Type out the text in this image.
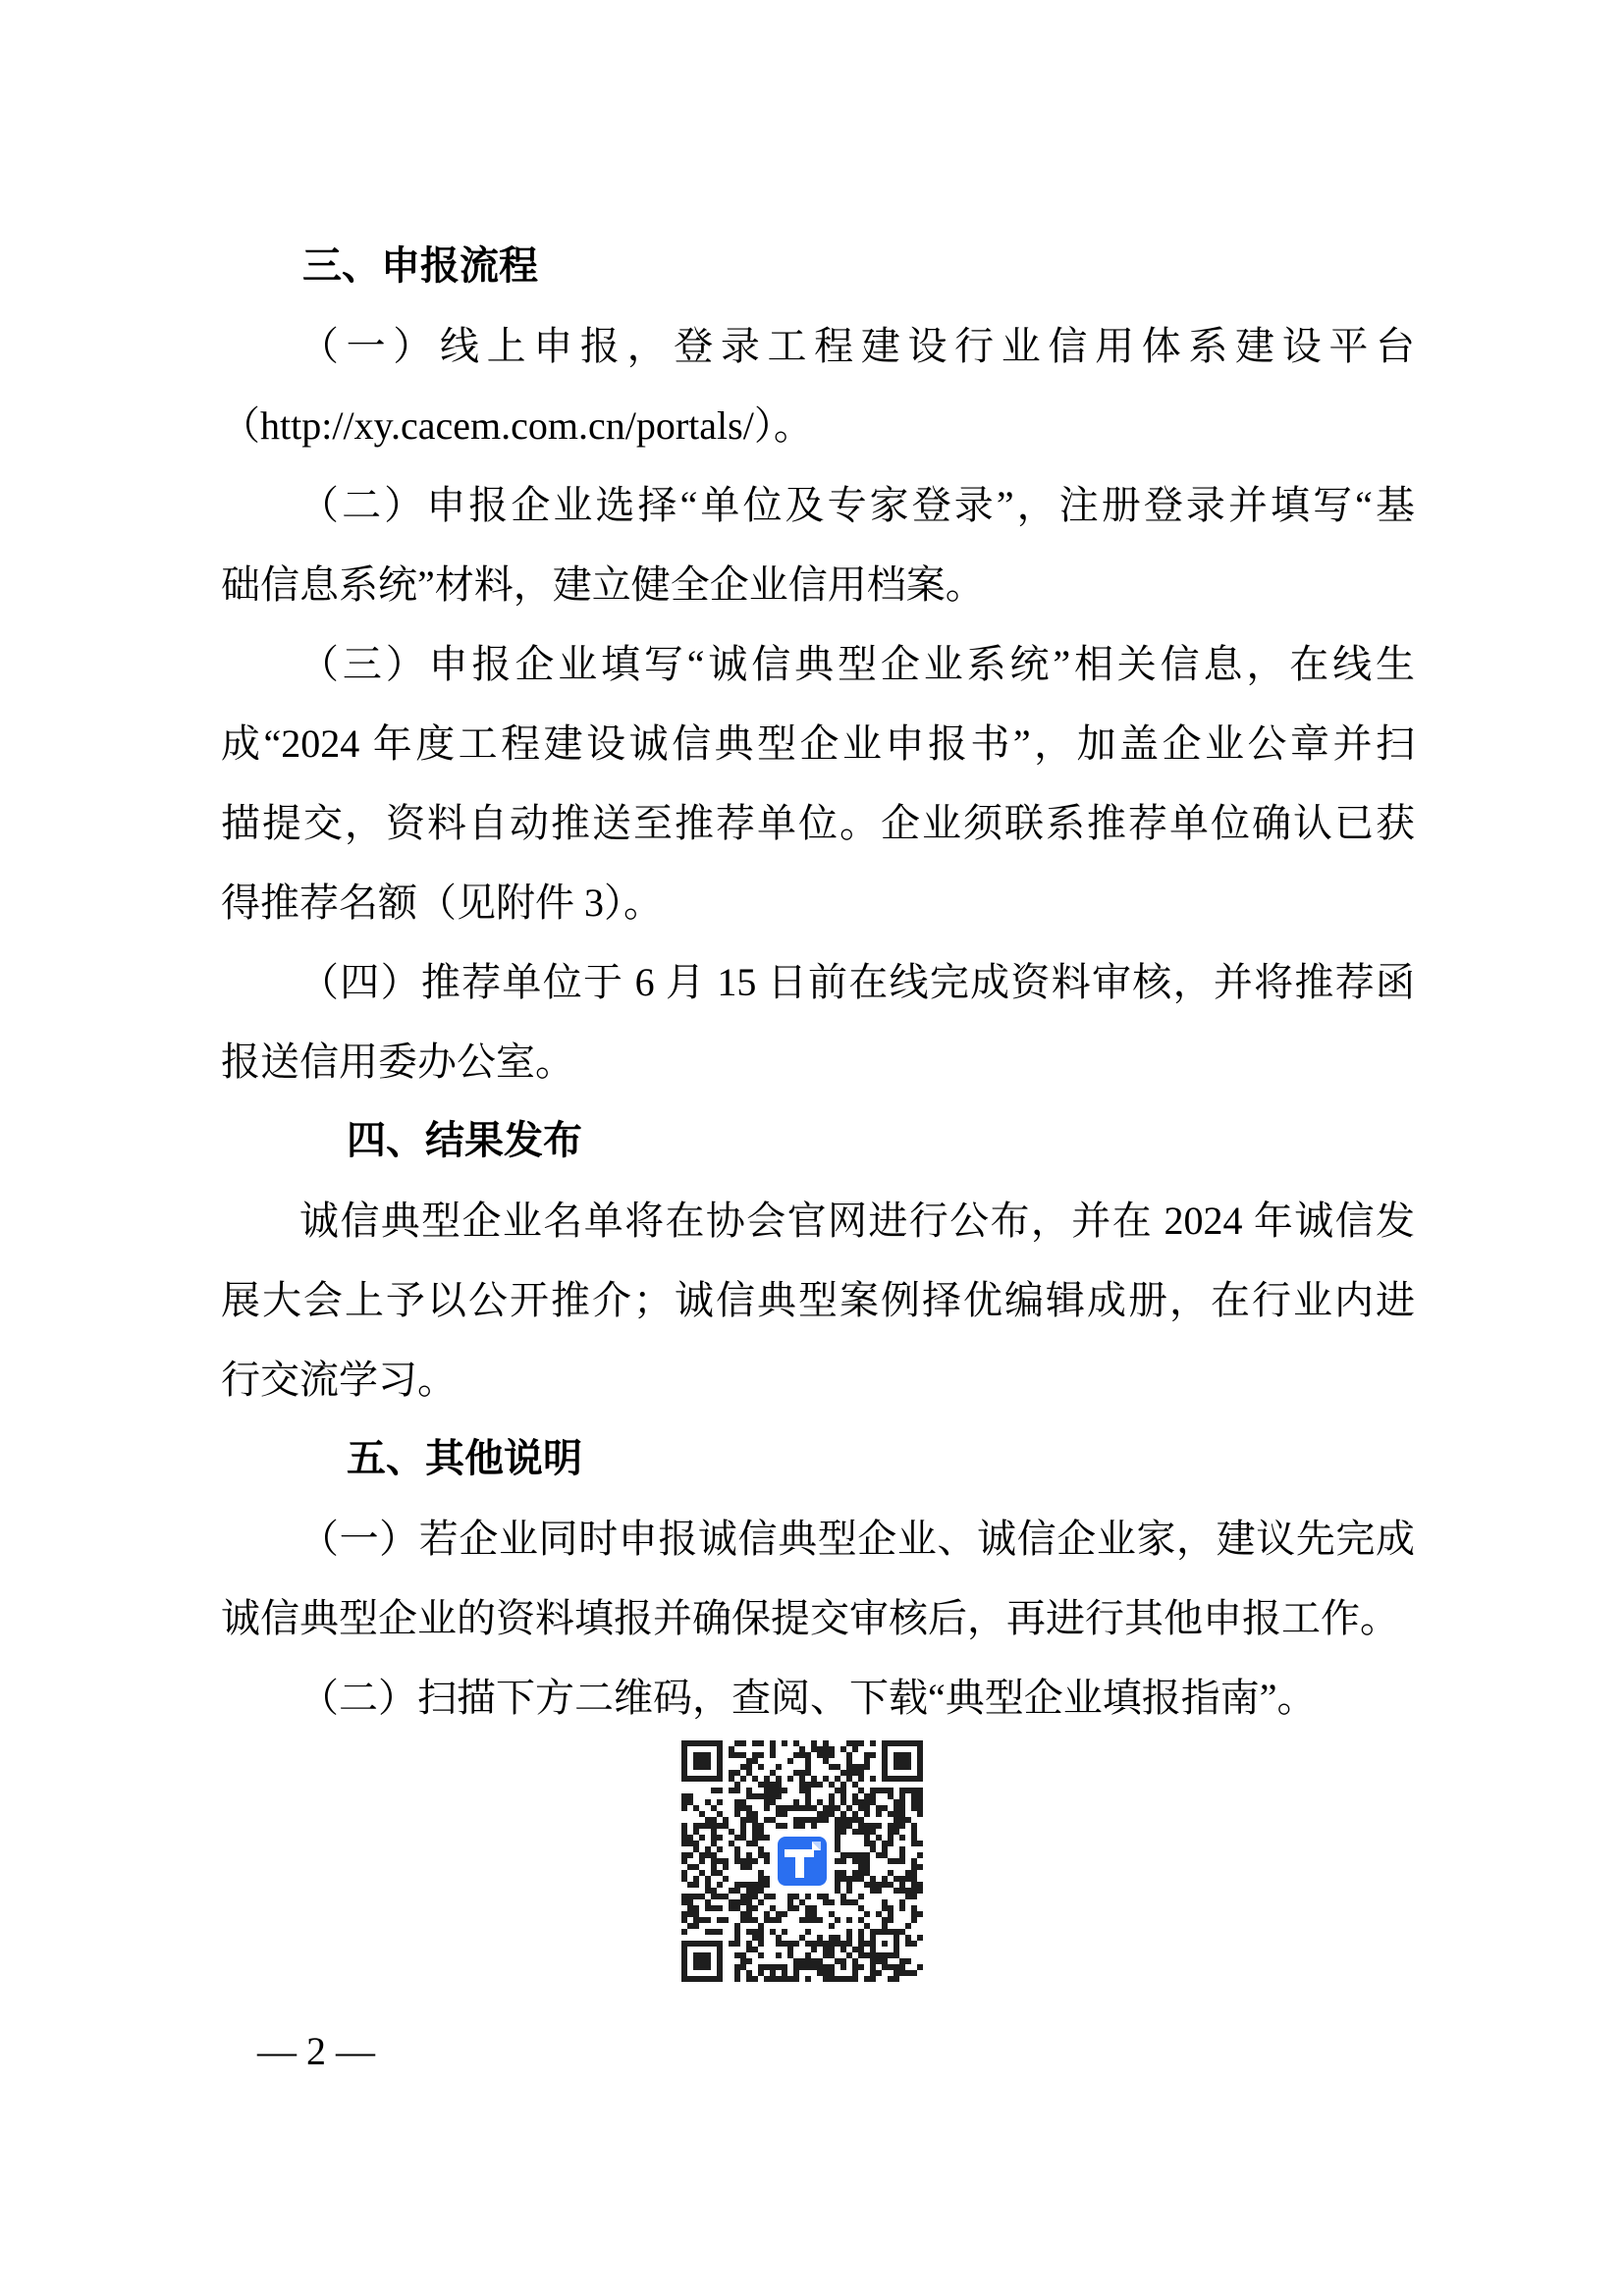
三、申报流程
（一）线上申报，登录工程建设行业信用体系建设平台
（http://xy.cacem.com.cn/portals/）。
（二）申报企业选择“单位及专家登录”，注册登录并填写“基
础信息系统”材料，建立健全企业信用档案。
（三）申报企业填写“诚信典型企业系统”相关信息，在线生
成“2024 年度工程建设诚信典型企业申报书”，加盖企业公章并扫
描提交，资料自动推送至推荐单位。企业须联系推荐单位确认已获
得推荐名额（见附件 3）。
（四）推荐单位于 6 月 15 日前在线完成资料审核，并将推荐函
报送信用委办公室。
四、结果发布
诚信典型企业名单将在协会官网进行公布，并在 2024 年诚信发
展大会上予以公开推介；诚信典型案例择优编辑成册，在行业内进
行交流学习。
五、其他说明
（一）若企业同时申报诚信典型企业、诚信企业家，建议先完成
诚信典型企业的资料填报并确保提交审核后，再进行其他申报工作。
（二）扫描下方二维码，查阅、下载“典型企业填报指南”。
— 2 —
